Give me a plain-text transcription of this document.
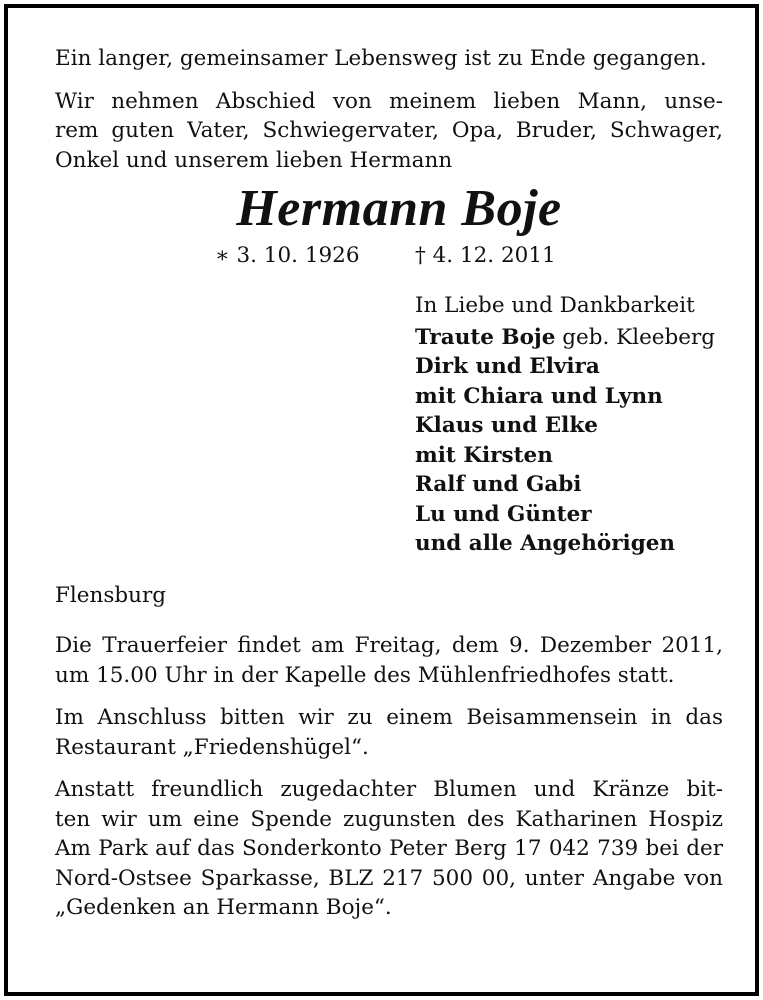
Ein langer, gemeinsamer Lebensweg ist zu Ende gegangen.

Wir nehmen Abschied von meinem lieben Mann, unse-
rem guten Vater, Schwiegervater, Opa, Bruder, Schwager,
Onkel und unserem lieben Hermann

Hermann Boje
∗ 3. 10. 1926	† 4. 12. 2011
In Liebe und Dankbarkeit
Traute Boje geb. Kleeberg
Dirk und Elvira
mit Chiara und Lynn
Klaus und Elke
mit Kirsten
Ralf und Gabi
Lu und Günter
und alle Angehörigen

Flensburg

Die Trauerfeier findet am Freitag, dem 9. Dezember 2011,
um 15.00 Uhr in der Kapelle des Mühlenfriedhofes statt.

Im Anschluss bitten wir zu einem Beisammensein in das
Restaurant „Friedenshügel“.

Anstatt freundlich zugedachter Blumen und Kränze bit-
ten wir um eine Spende zugunsten des Katharinen Hospiz
Am Park auf das Sonderkonto Peter Berg 17 042 739 bei der
Nord-Ostsee Sparkasse, BLZ 217 500 00, unter Angabe von
„Gedenken an Hermann Boje“.
